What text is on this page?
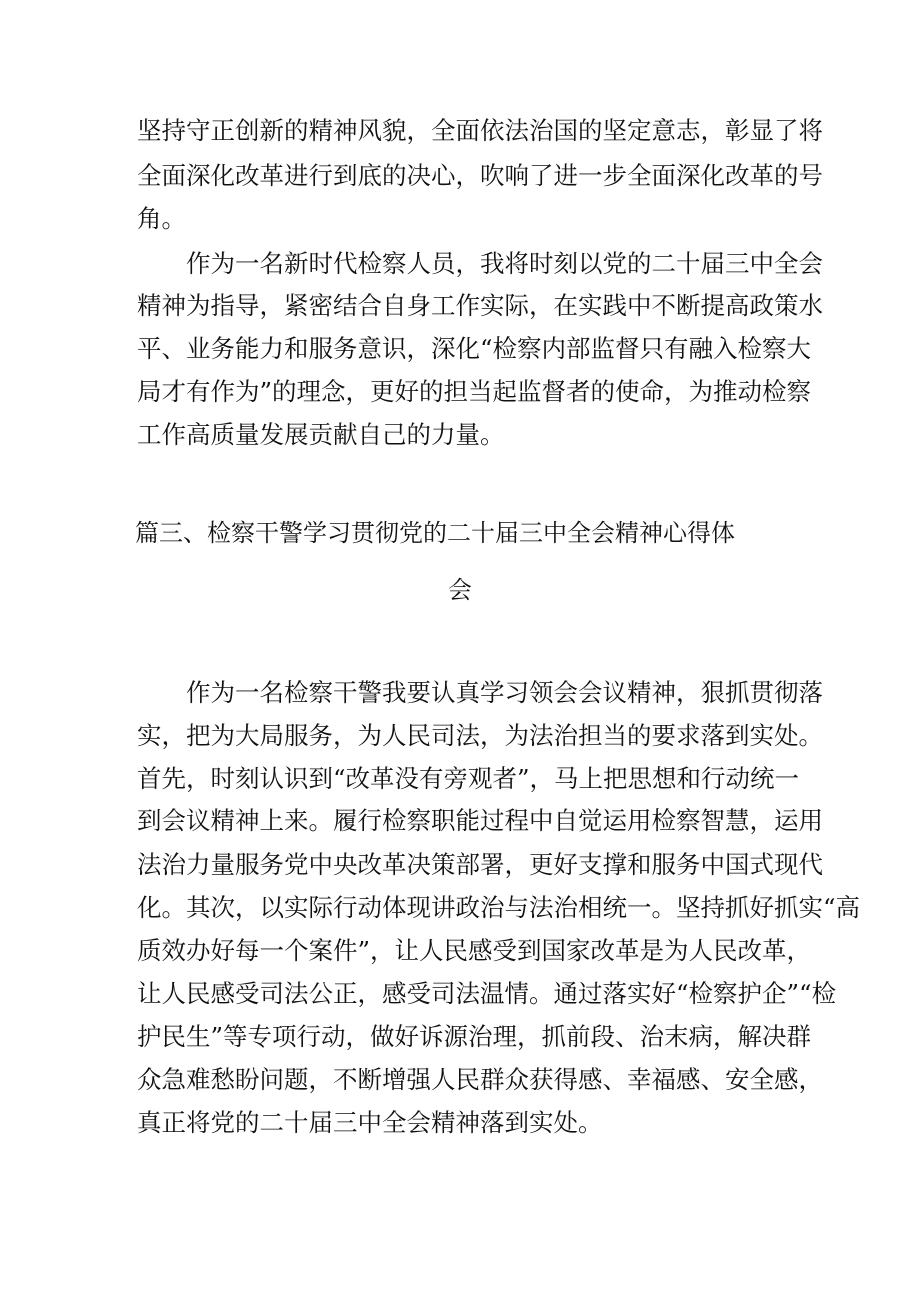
坚持守正创新的精神风貌，全面依法治国的坚定意志，彰显了将
全面深化改革进行到底的决心，吹响了进一步全面深化改革的号
角。
作为一名新时代检察人员，我将时刻以党的二十届三中全会
精神为指导，紧密结合自身工作实际，在实践中不断提高政策水
平、业务能力和服务意识，深化“检察内部监督只有融入检察大
局才有作为”的理念，更好的担当起监督者的使命，为推动检察
工作高质量发展贡献自己的力量。
篇三、检察干警学习贯彻党的二十届三中全会精神心得体
会
作为一名检察干警我要认真学习领会会议精神，狠抓贯彻落
实，把为大局服务，为人民司法，为法治担当的要求落到实处。
首先，时刻认识到“改革没有旁观者”，马上把思想和行动统一
到会议精神上来。履行检察职能过程中自觉运用检察智慧，运用
法治力量服务党中央改革决策部署，更好支撑和服务中国式现代
化。其次，以实际行动体现讲政治与法治相统一。坚持抓好抓实“高
质效办好每一个案件”，让人民感受到国家改革是为人民改革，
让人民感受司法公正，感受司法温情。通过落实好“检察护企”“检
护民生”等专项行动，做好诉源治理，抓前段、治末病，解决群
众急难愁盼问题，不断增强人民群众获得感、幸福感、安全感，
真正将党的二十届三中全会精神落到实处。
